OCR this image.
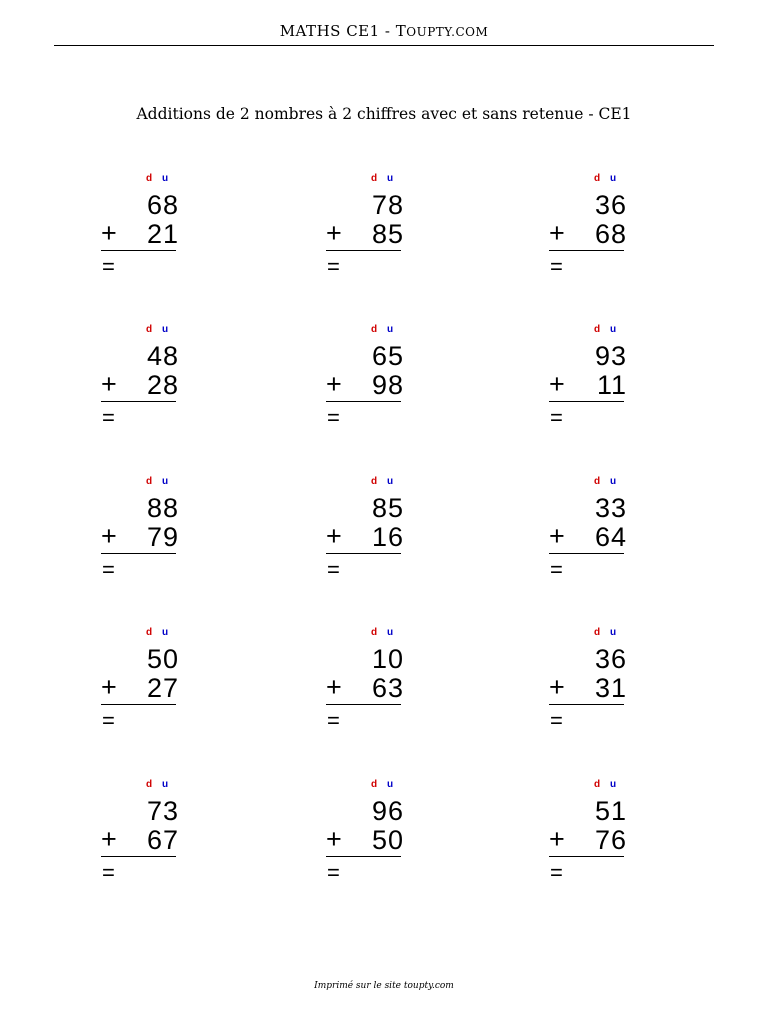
MATHS CE1 - TOUPTY.COM
Additions de 2 nombres à 2 chiffres avec et sans retenue - CE1
d u
68
+ 21
=
d u
78
+ 85
=
d u
36
+ 68
=
d u
48
+ 28
=
d u
65
+ 98
=
d u
93
+ 11
=
d u
88
+ 79
=
d u
85
+ 16
=
d u
33
+ 64
=
d u
50
+ 27
=
d u
10
+ 63
=
d u
36
+ 31
=
d u
73
+ 67
=
d u
96
+ 50
=
d u
51
+ 76
=
Imprimé sur le site toupty.com
